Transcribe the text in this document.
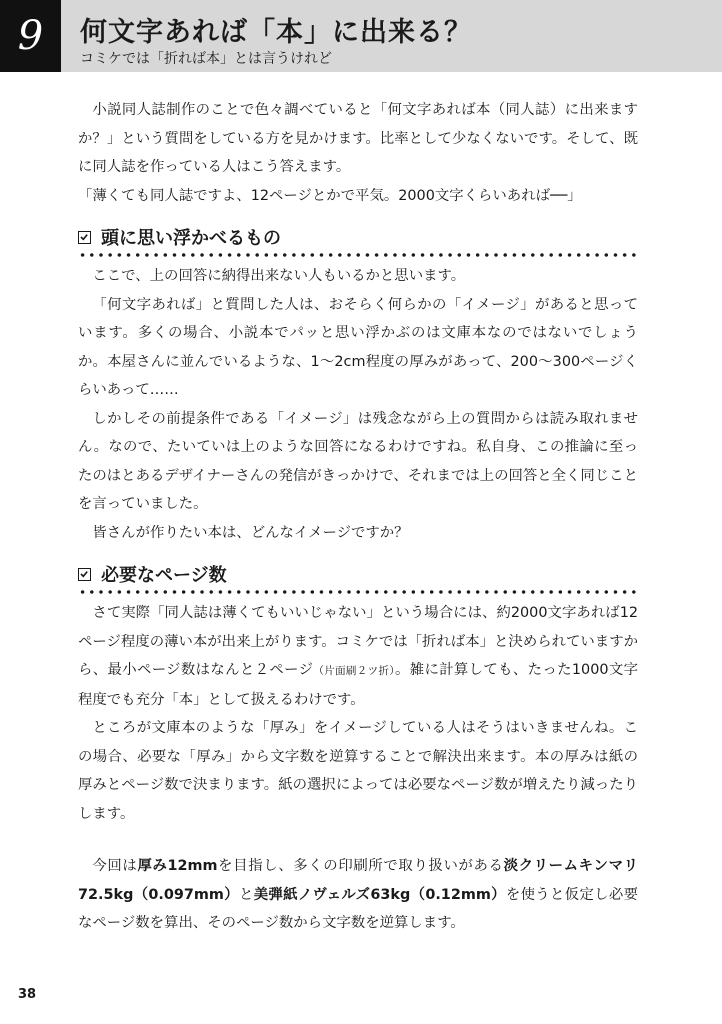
9 何文字あれば「本」に出来る？
コミケでは「折れば本」とは言うけれど

小説同人誌制作のことで色々調べていると「何文字あれば本（同人誌）に出来ますか？」という質問をしている方を見かけます。比率として少なくないです。そして、既に同人誌を作っている人はこう答えます。

「薄くても同人誌ですよ、12ページとかで平気。2000文字くらいあれば──」

頭に思い浮かべるもの

ここで、上の回答に納得出来ない人もいるかと思います。

「何文字あれば」と質問した人は、おそらく何らかの「イメージ」があると思っています。多くの場合、小説本でパッと思い浮かぶのは文庫本なのではないでしょうか。本屋さんに並んでいるような、1〜2cm程度の厚みがあって、200〜300ページくらいあって……

しかしその前提条件である「イメージ」は残念ながら上の質問からは読み取れません。なので、たいていは上のような回答になるわけですね。私自身、この推論に至ったのはとあるデザイナーさんの発信がきっかけで、それまでは上の回答と全く同じことを言っていました。

皆さんが作りたい本は、どんなイメージですか？

必要なページ数

さて実際「同人誌は薄くてもいいじゃない」という場合には、約2000文字あれば12ページ程度の薄い本が出来上がります。コミケでは「折れば本」と決められていますから、最小ページ数はなんと２ページ（片面刷２ツ折）。雑に計算しても、たった1000文字程度でも充分「本」として扱えるわけです。

ところが文庫本のような「厚み」をイメージしている人はそうはいきませんね。この場合、必要な「厚み」から文字数を逆算することで解決出来ます。本の厚みは紙の厚みとページ数で決まります。紙の選択によっては必要なページ数が増えたり減ったりします。

今回は厚み12mmを目指し、多くの印刷所で取り扱いがある淡クリームキンマリ72.5kg（0.097mm）と美弾紙ノヴェルズ63kg（0.12mm）を使うと仮定し必要なページ数を算出、そのページ数から文字数を逆算します。

38
